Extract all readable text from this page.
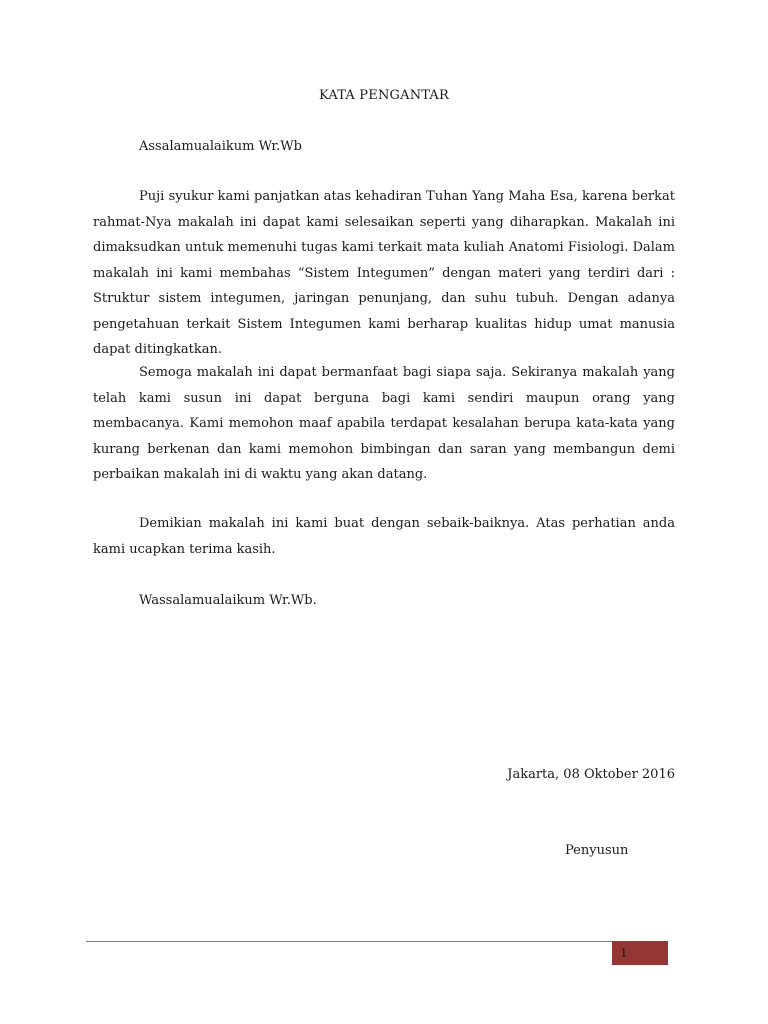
KATA PENGANTAR
Assalamualaikum Wr.Wb

Puji syukur kami panjatkan atas kehadiran Tuhan Yang Maha Esa, karena berkat rahmat-Nya makalah ini dapat kami selesaikan seperti yang diharapkan. Makalah ini dimaksudkan untuk memenuhi tugas kami terkait mata kuliah Anatomi Fisiologi. Dalam makalah ini kami membahas “Sistem Integumen” dengan materi yang terdiri dari : Struktur sistem integumen, jaringan penunjang, dan suhu tubuh. Dengan adanya pengetahuan terkait Sistem Integumen kami berharap kualitas hidup umat manusia dapat ditingkatkan.

Semoga makalah ini dapat bermanfaat bagi siapa saja. Sekiranya makalah yang telah kami susun ini dapat berguna bagi kami sendiri maupun orang yang membacanya. Kami memohon maaf apabila terdapat kesalahan berupa kata-kata yang kurang berkenan dan kami memohon bimbingan dan saran yang membangun demi perbaikan makalah ini di waktu yang akan datang.

Demikian makalah ini kami buat dengan sebaik-baiknya. Atas perhatian anda kami ucapkan terima kasih.

Wassalamualaikum Wr.Wb.
Jakarta, 08 Oktober 2016
Penyusun
1
